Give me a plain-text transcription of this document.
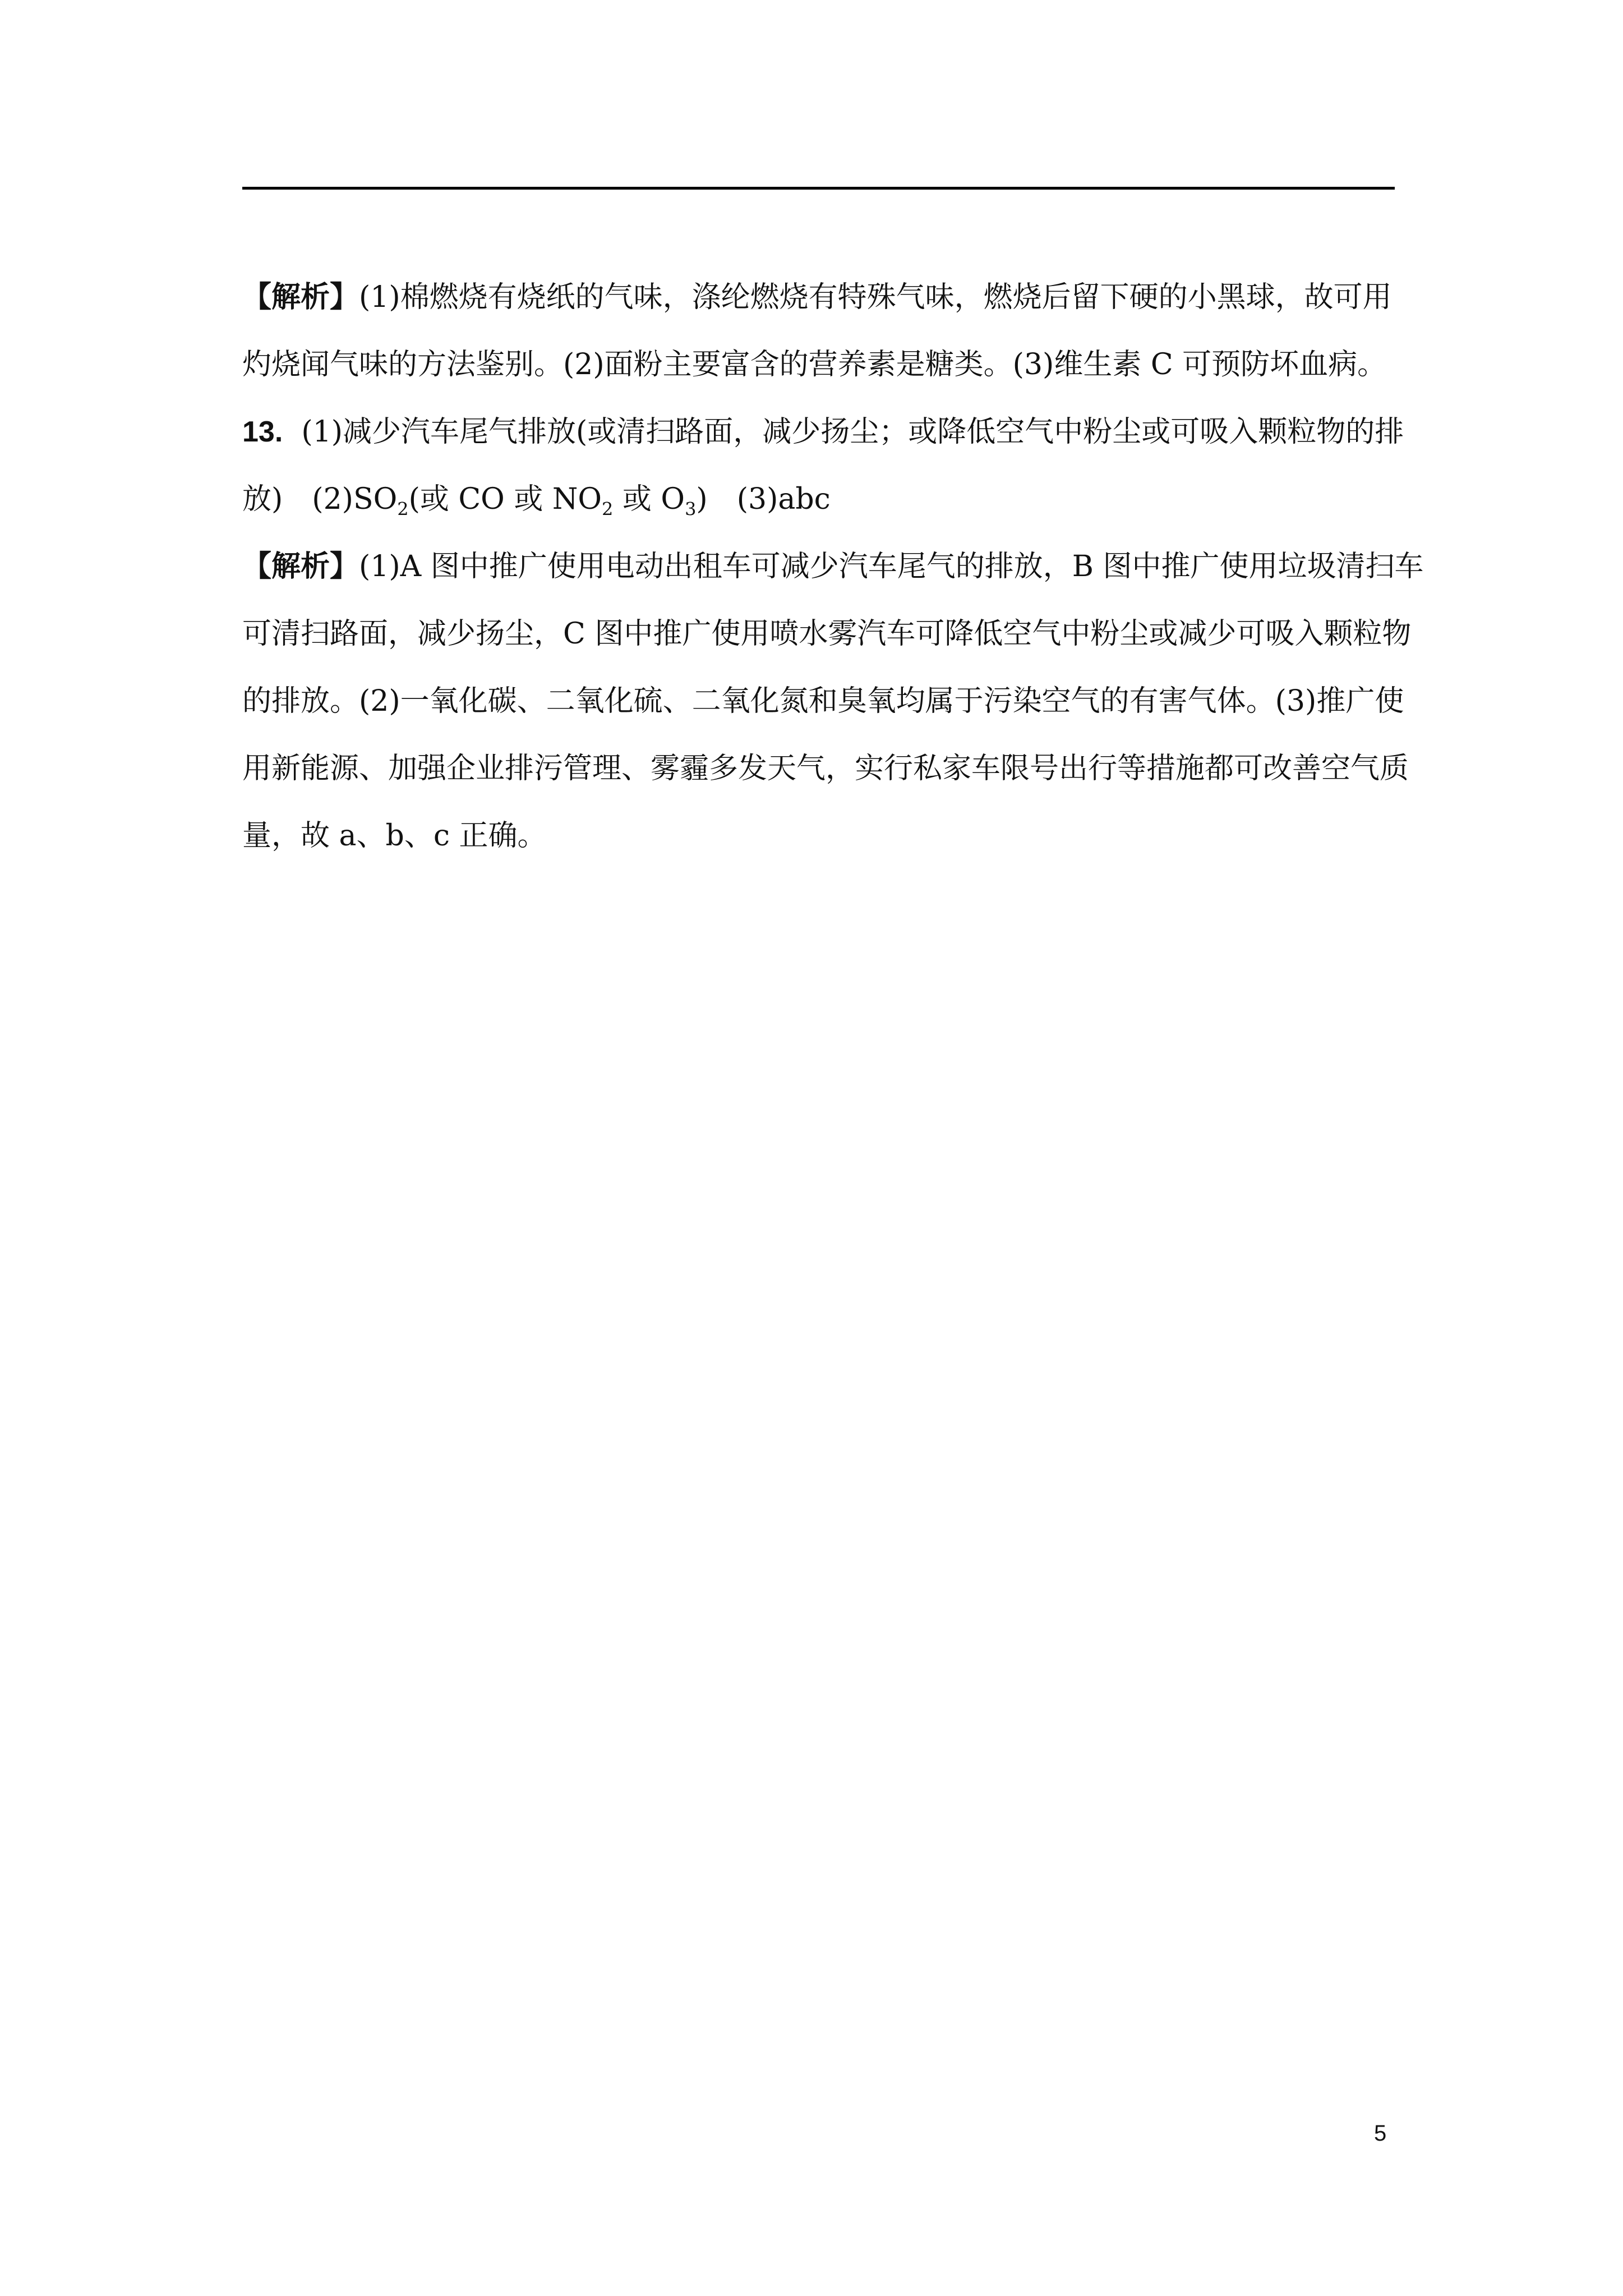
【解析】(1)棉燃烧有烧纸的气味，涤纶燃烧有特殊气味，燃烧后留下硬的小黑球，故可用
灼烧闻气味的方法鉴别。(2)面粉主要富含的营养素是糖类。(3)维生素 C 可预防坏血病。
13. (1)减少汽车尾气排放(或清扫路面，减少扬尘；或降低空气中粉尘或可吸入颗粒物的排
放)　$(2)SO_2$(或 CO 或 $NO_2$ 或 $O_3$)　(3)abc
【解析】(1)A 图中推广使用电动出租车可减少汽车尾气的排放，B 图中推广使用垃圾清扫车
可清扫路面，减少扬尘，C 图中推广使用喷水雾汽车可降低空气中粉尘或减少可吸入颗粒物
的排放。(2)一氧化碳、二氧化硫、二氧化氮和臭氧均属于污染空气的有害气体。(3)推广使
用新能源、加强企业排污管理、雾霾多发天气，实行私家车限号出行等措施都可改善空气质
量，故 a、b、c 正确。
5
